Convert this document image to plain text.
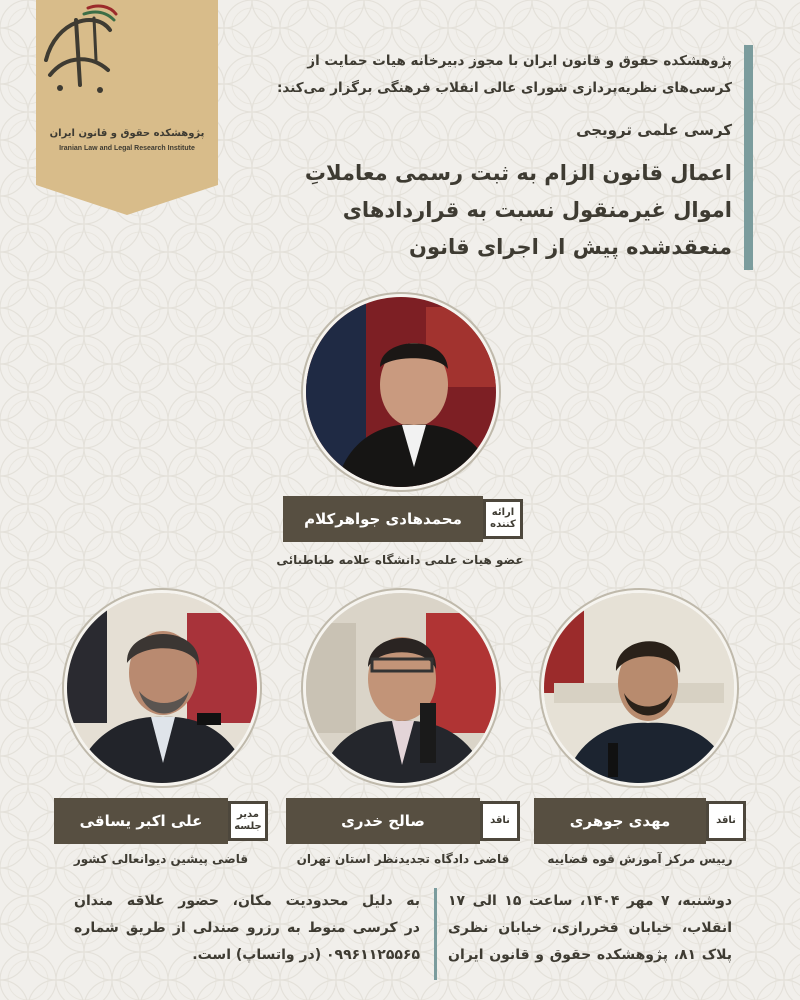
پژوهشکده حقوق و قانون ایران
Iranian Law and Legal Research Institute
پژوهشکده حقوق و قانون ایران با مجوز دبیرخانه هیات حمایت از کرسی‌های نظریه‌پردازی شورای عالی انقلاب فرهنگی برگزار می‌کند:
کرسی علمی ترویجی
اعمال قانون الزام به ثبت رسمی معاملاتِ اموال غیرمنقول نسبت به قراردادهای منعقدشده پیش از اجرای قانون
ارائه
کننده
محمدهادی جواهرکلام
عضو هیات علمی دانشگاه علامه طباطبائی
ناقد
مهدی جوهری
رییس مرکز آموزش قوه قضاییه
ناقد
صالح خدری
قاضی دادگاه تجدیدنظر استان تهران
مدیر
جلسه
علی اکبر یساقی
قاضی پیشین دیوانعالی کشور
دوشنبه، ۷ مهر ۱۴۰۴، ساعت ۱۵ الی ۱۷
انقلاب، خیابان فخررازی، خیابان نظری
پلاک ۸۱، پژوهشکده حقوق و قانون ایران
به دلیل محدودیت مکان، حضور علاقه مندان
در کرسی منوط به رزرو صندلی از طریق شماره
۰۹۹۶۱۱۲۵۵۶۵ (در واتساپ) است.
